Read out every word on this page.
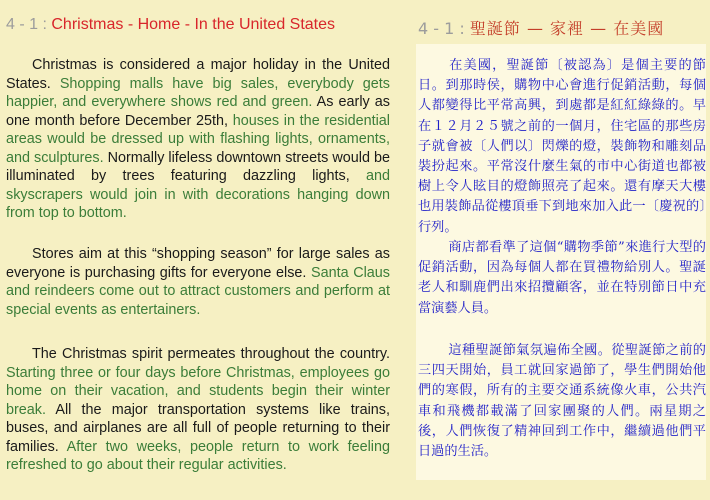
4 - 1 : Christmas - Home - In the United States

Christmas is considered a major holiday in the United States. Shopping malls have big sales, everybody gets happier, and everywhere shows red and green. As early as one month before December 25th, houses in the residential areas would be dressed up with flashing lights, ornaments, and sculptures. Normally lifeless downtown streets would be illuminated by trees featuring dazzling lights, and skyscrapers would join in with decorations hanging down from top to bottom.

Stores aim at this “shopping season” for large sales as everyone is purchasing gifts for everyone else. Santa Claus and reindeers come out to attract customers and perform at special events as entertainers.

The Christmas spirit permeates throughout the country. Starting three or four days before Christmas, employees go home on their vacation, and students begin their winter break. All the major transportation systems like trains, buses, and airplanes are all full of people returning to their families. After two weeks, people return to work feeling refreshed to go about their regular activities.

4 - 1 : 聖誕節 — 家裡 — 在美國

在美國，聖誕節〔被認為〕是個主要的節日。到那時侯，購物中心會進行促銷活動，每個人都變得比平常高興，到處都是紅紅綠綠的。早在１２月２５號之前的一個月，住宅區的那些房子就會被〔人們以〕閃爍的燈，裝飾物和雕刻品裝扮起來。平常沒什麼生氣的市中心街道也都被樹上令人眩目的燈飾照亮了起來。還有摩天大樓也用裝飾品從樓頂垂下到地來加入此一〔慶祝的〕行列。

商店都看準了這個“購物季節”來進行大型的促銷活動，因為每個人都在買禮物給別人。聖誕老人和馴鹿們出來招攬顧客，並在特別節日中充當演藝人員。

這種聖誕節氣氛遍佈全國。從聖誕節之前的三四天開始，員工就回家過節了，學生們開始他們的寒假，所有的主要交通系統像火車，公共汽車和飛機都載滿了回家團聚的人們。兩星期之後，人們恢復了精神回到工作中，繼續過他們平日過的生活。
